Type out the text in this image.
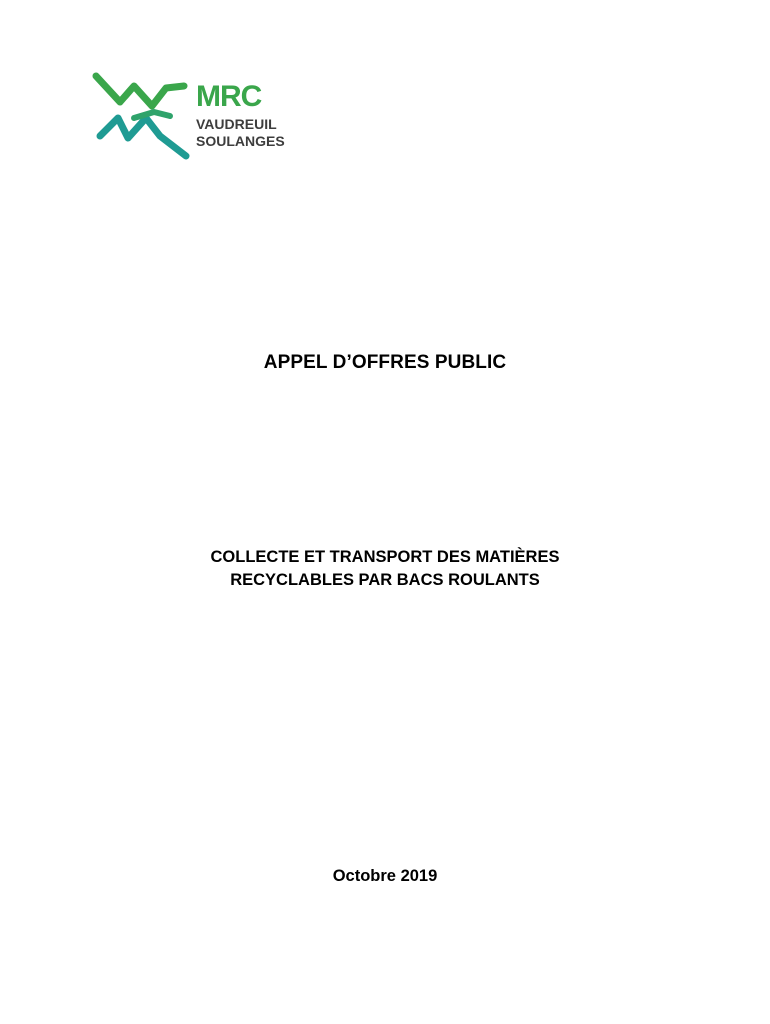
MRC
VAUDREUIL
SOULANGES
APPEL D’OFFRES PUBLIC
COLLECTE ET TRANSPORT DES MATIÈRES
RECYCLABLES PAR BACS ROULANTS
Octobre 2019
